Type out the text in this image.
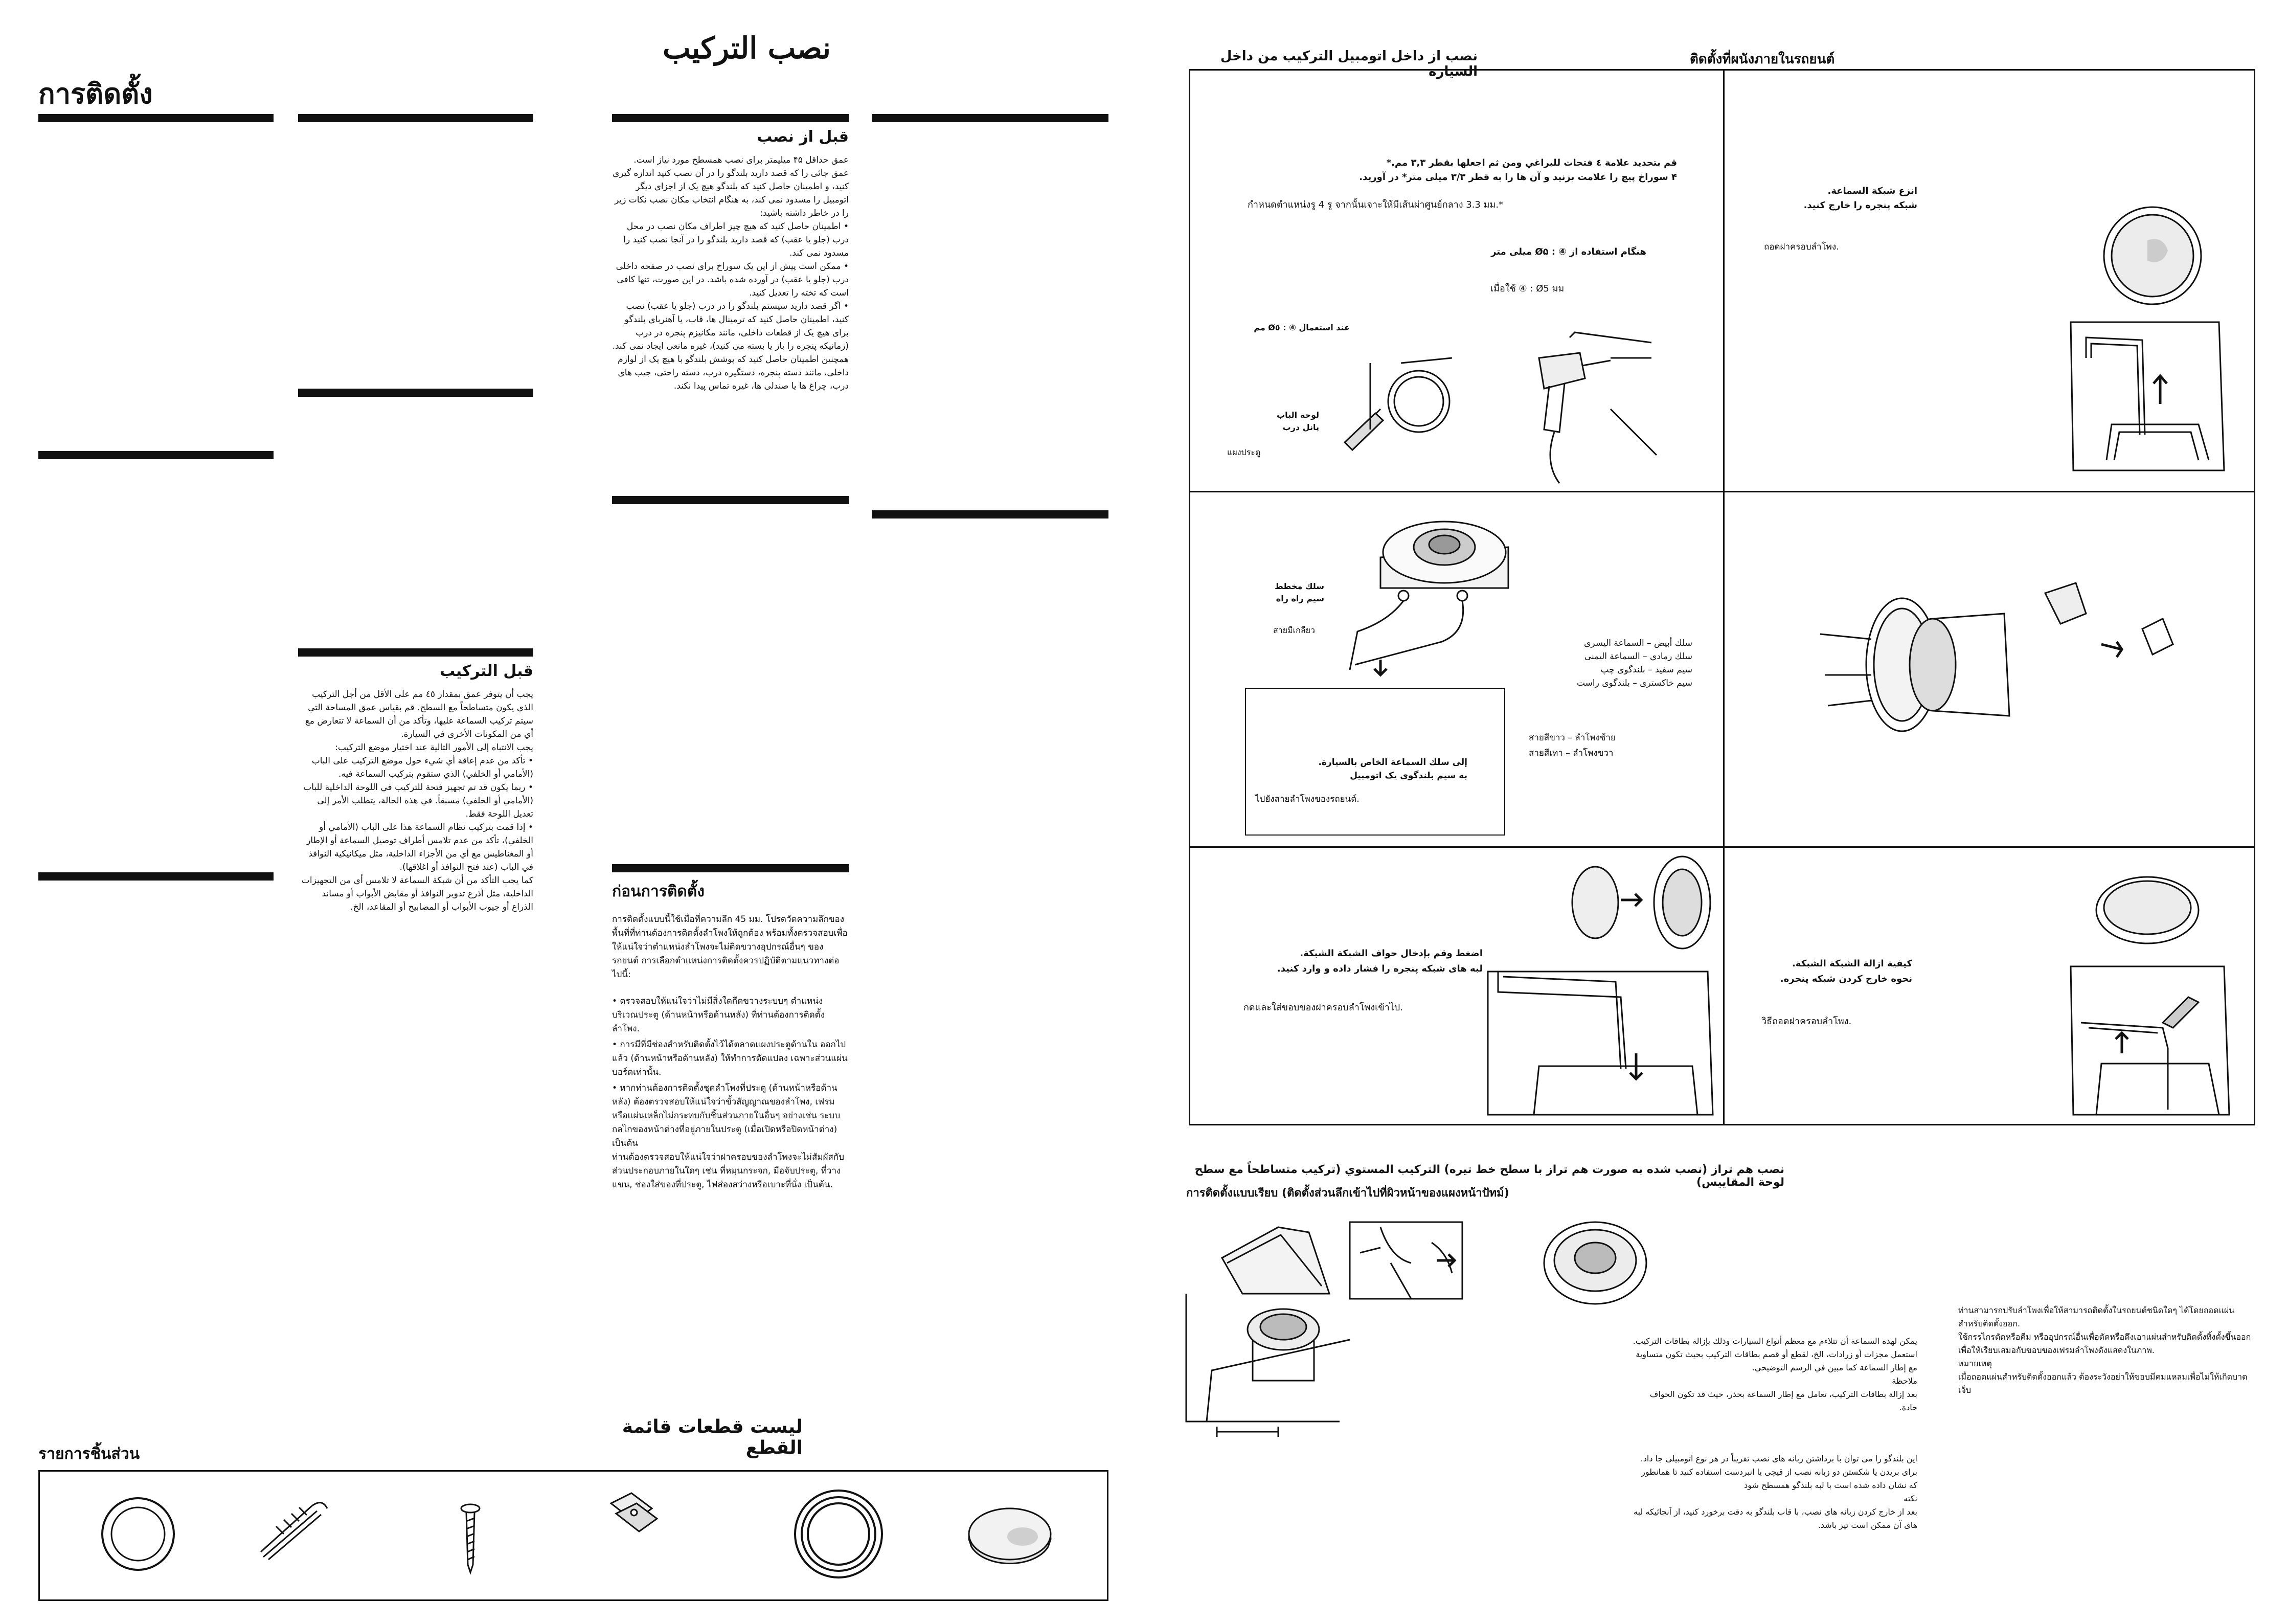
การติดตั้ง
نصب التركيب
قبل از نصب
عمق حداقل ۴۵ میلیمتر برای نصب همسطح مورد نیاز است.
عمق جائی را که قصد دارید بلندگو را در آن نصب کنید اندازه گیری کنید، و اطمینان حاصل کنید که بلندگو هیچ یک از اجزای دیگر اتومبیل را مسدود نمی کند، به هنگام انتخاب مکان نصب نکات زیر را در خاطر داشته باشید:
• اطمینان حاصل کنید که هیچ چیز اطراف مکان نصب در محل درب (جلو یا عقب) که قصد دارید بلندگو را در آنجا نصب کنید را مسدود نمی کند.
• ممکن است پیش از این یک سوراخ برای نصب در صفحه داخلی درب (جلو یا عقب) در آورده شده باشد. در این صورت، تنها کافی است که تخته را تعدیل کنید.
• اگر قصد دارید سیستم بلندگو را در درب (جلو یا عقب) نصب کنید، اطمینان حاصل کنید که ترمینال ها، قاب، یا آهنربای بلندگو برای هیچ یک از قطعات داخلی، مانند مکانیزم پنجره در درب (زمانیکه پنجره را باز یا بسته می کنید)، غیره مانعی ایجاد نمی کند.
همچنین اطمینان حاصل کنید که پوشش بلندگو با هیچ یک از لوازم داخلی، مانند دسته پنجره، دستگیره درب، دسته راحتی، جیب های درب، چراغ ها یا صندلی ها، غیره تماس پیدا نکند.
قبل التركيب
يجب أن يتوفر عمق بمقدار ٤٥ مم على الأقل من أجل التركيب الذي يكون متساطحاً مع السطح. قم بقياس عمق المساحة التي سيتم تركيب السماعة عليها، وتأكد من أن السماعة لا تتعارض مع أي من المكونات الأخرى في السيارة.
يجب الانتباه إلى الأمور التالية عند اختيار موضع التركيب:
• تأكد من عدم إعاقة أي شيء حول موضع التركيب على الباب (الأمامي أو الخلفي) الذي ستقوم بتركيب السماعة فيه.
• ربما يكون قد تم تجهيز فتحة للتركيب في اللوحة الداخلية للباب (الأمامي أو الخلفي) مسبقاً. في هذه الحالة، يتطلب الأمر إلى تعديل اللوحة فقط.
• إذا قمت بتركيب نظام السماعة هذا على الباب (الأمامي أو الخلفي)، تأكد من عدم تلامس أطراف توصيل السماعة أو الإطار أو المغناطيس مع أي من الأجزاء الداخلية، مثل ميكانيكية النوافذ في الباب (عند فتح النوافذ أو اغلاقها).
كما يجب التأكد من أن شبكة السماعة لا تلامس أي من التجهيزات الداخلية، مثل أذرع تدوير النوافذ أو مقابض الأبواب أو مساند الذراع أو جيوب الأبواب أو المصابيح أو المقاعد، الخ.
ก่อนการติดตั้ง
การติดตั้งแบบนี้ใช้เมื่อที่ความลึก 45 มม. โปรดวัดความลึกของพื้นที่ที่ท่านต้องการติดตั้งลำโพงให้ถูกต้อง พร้อมทั้งตรวจสอบเพื่อให้แน่ใจว่าตำแหน่งลำโพงจะไม่ติดขวางอุปกรณ์อื่นๆ ของรถยนต์ การเลือกตำแหน่งการติดตั้งควรปฏิบัติตามแนวทางต่อไปนี้:
• ตรวจสอบให้แน่ใจว่าไม่มีสิ่งใดกีดขวางระบบๆ ตำแหน่งบริเวณประตู (ด้านหน้าหรือด้านหลัง) ที่ท่านต้องการติดตั้งลำโพง.
• การมีที่มีช่องสำหรับติดตั้งไว้ได้ตลาดแผงประตูด้านใน ออกไปแล้ว (ด้านหน้าหรือด้านหลัง) ให้ทำการตัดแปลง เฉพาะส่วนแผ่นบอร์ดเท่านั้น.
• หากท่านต้องการติดตั้งชุดลำโพงที่ประตู (ด้านหน้าหรือด้านหลัง) ต้องตรวจสอบให้แน่ใจว่าขั้วสัญญาณของลำโพง, เฟรมหรือแผ่นเหล็กไม่กระทบกับชิ้นส่วนภายในอื่นๆ อย่างเช่น ระบบกลไกของหน้าต่างที่อยู่ภายในประตู (เมื่อเปิดหรือปิดหน้าต่าง) เป็นต้น
ท่านต้องตรวจสอบให้แน่ใจว่าฝาครอบของลำโพงจะไม่สัมผัสกับส่วนประกอบภายในใดๆ เช่น ที่หมุนกระจก, มือจับประตู, ที่วางแขน, ช่องใส่ของที่ประตู, ไฟส่องสว่างหรือเบาะที่นั่ง เป็นต้น.
لیست قطعات قائمة القطع
รายการชิ้นส่วน
نصب از داخل اتومبیل التركيب من داخل السيارة
ติดตั้งที่ผนังภายในรถยนต์
قم بتحديد علامة ٤ فتحات للبراغي ومن ثم اجعلها بقطر ٣,٣ مم.*
۴ سوراخ پیچ را علامت بزنید و آن ها را به قطر ۳/۳ میلی متر* در آورید.
กำหนดตำแหน่งรู 4 รู จากนั้นเจาะให้มีเส้นผ่าศูนย์กลาง 3.3 มม.*
هنگام استفاده از ④ : Ø۵ میلی متر
เมื่อใช้ ④ : Ø5 มม
عند استعمال ④ : Ø٥ مم
لوحة الباب
پانل درب
แผงประตู
انزع شبكة السماعة.
شبکه پنجره را خارج کنید.
ถอดฝาครอบลำโพง.
سلك مخطط
سیم راه راه
สายมีเกลียว
سلك أبيض – السماعة اليسرى
سلك رمادي – السماعة اليمنى
سیم سفید – بلندگوی چپ
سیم خاکستری – بلندگوی راست
สายสีขาว – ลำโพงซ้าย
สายสีเทา – ลำโพงขวา
إلى سلك السماعة الخاص بالسيارة.
به سیم بلندگوی یک اتومبیل
ไปยังสายลำโพงของรถยนต์.
اضغط وقم بإدخال حواف الشبكة الشبكة.
لبه های شبکه پنجره را فشار داده و وارد کنید.
กดและใส่ขอบของฝาครอบลำโพงเข้าไป.
كيفية ازالة الشبكة الشبكة.
نحوه خارج کردن شبکه پنجره.
วิธีถอดฝาครอบลำโพง.
نصب هم تراز (نصب شده به صورت هم تراز با سطح خط تیره) التركيب المستوي (تركيب متساطحاً مع سطح لوحة المقاييس)
การติดตั้งแบบเรียบ (ติดตั้งส่วนลึกเข้าไปที่ผิวหน้าของแผงหน้าปัทม์)
ท่านสามารถปรับลำโพงเพื่อให้สามารถติดตั้งในรถยนต์ชนิดใดๆ ได้โดยถอดแผ่นสำหรับติดตั้งออก.
ใช้กรรไกรตัดหรือคีม หรืออุปกรณ์อื่นเพื่อตัดหรือดึงเอาแผ่นสำหรับติดตั้งทิ้งตั้งขึ้นออกเพื่อให้เรียบเสมอกับขอบของเฟรมลำโพงดังแสดงในภาพ.
หมายเหตุ
เมื่อถอดแผ่นสำหรับติดตั้งออกแล้ว ต้องระวังอย่าให้ขอบมีคมแหลมเพื่อไม่ให้เกิดบาดเจ็บ
يمكن لهذه السماعة أن تتلاءم مع معظم أنواع السيارات وذلك بإزالة بطاقات التركيب.
استعمل مجزات أو زرادات، الخ، لقطع أو قصم بطاقات التركيب بحيث تكون متساوية مع إطار السماعة كما مبين في الرسم التوضيحي.
ملاحظة
بعد إزالة بطاقات التركيب، تعامل مع إطار السماعة بحذر، حيث قد تكون الحواف حادة.
این بلندگو را می توان با برداشتن زبانه های نصب تقریباً در هر نوع اتومبیلی جا داد.
برای بریدن یا شکستن دو زبانه نصب از قیچی یا انبردست استفاده کنید تا همانطور که نشان داده شده است با لبه بلندگو همسطح شود
نکته
بعد از خارج کردن زبانه های نصب، با قاب بلندگو به دقت برخورد کنید، از آنجائیکه لبه های آن ممکن است تیز باشد.
